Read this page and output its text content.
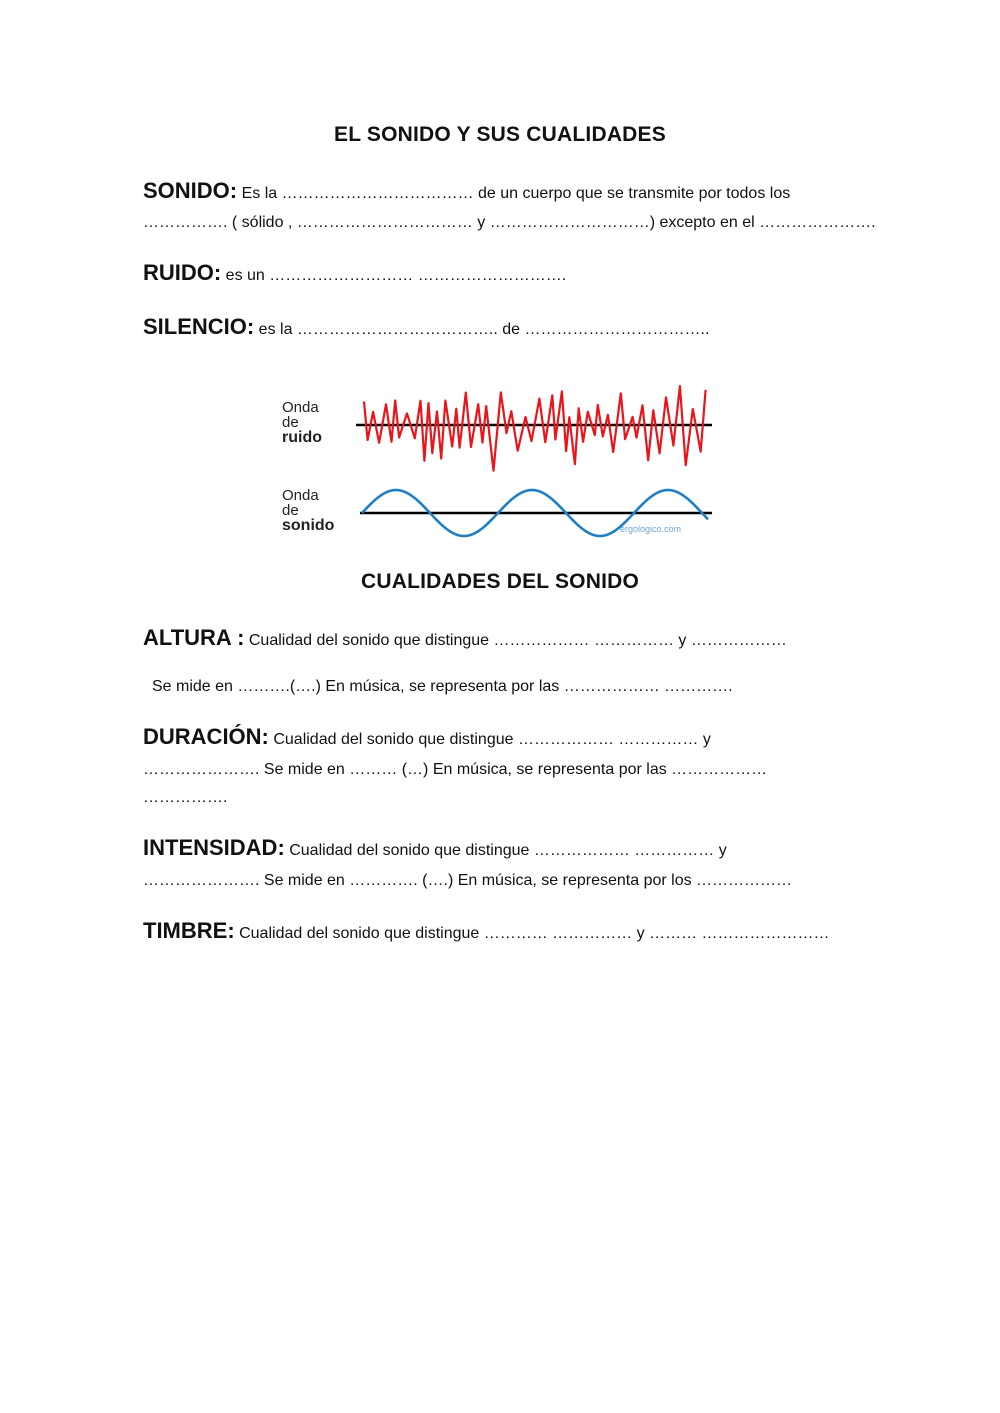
EL SONIDO Y SUS CUALIDADES
SONIDO: Es la ……………………………… de un cuerpo que se transmite por todos los
……………. ( sólido , …………………………… y …………………………) excepto en el ………………….
RUIDO: es un ……………………… ……………………….
SILENCIO: es la ……………………………….. de ……………………………..
Onda
de
ruido
Onda
de
sonido	ergologico.com
CUALIDADES DEL SONIDO
ALTURA : Cualidad del sonido que distingue ……………… …………… y ………………
Se mide en ……….(….) En música, se representa por las ……………… ………….
DURACIÓN: Cualidad del sonido que distingue ……………… …………… y
…………………. Se mide en ……… (…) En música, se representa por las ………………
…………….
INTENSIDAD: Cualidad del sonido que distingue ……………… …………… y
…………………. Se mide en …………. (….) En música, se representa por los ………………
TIMBRE: Cualidad del sonido que distingue ………… …………… y ……… ……………………
